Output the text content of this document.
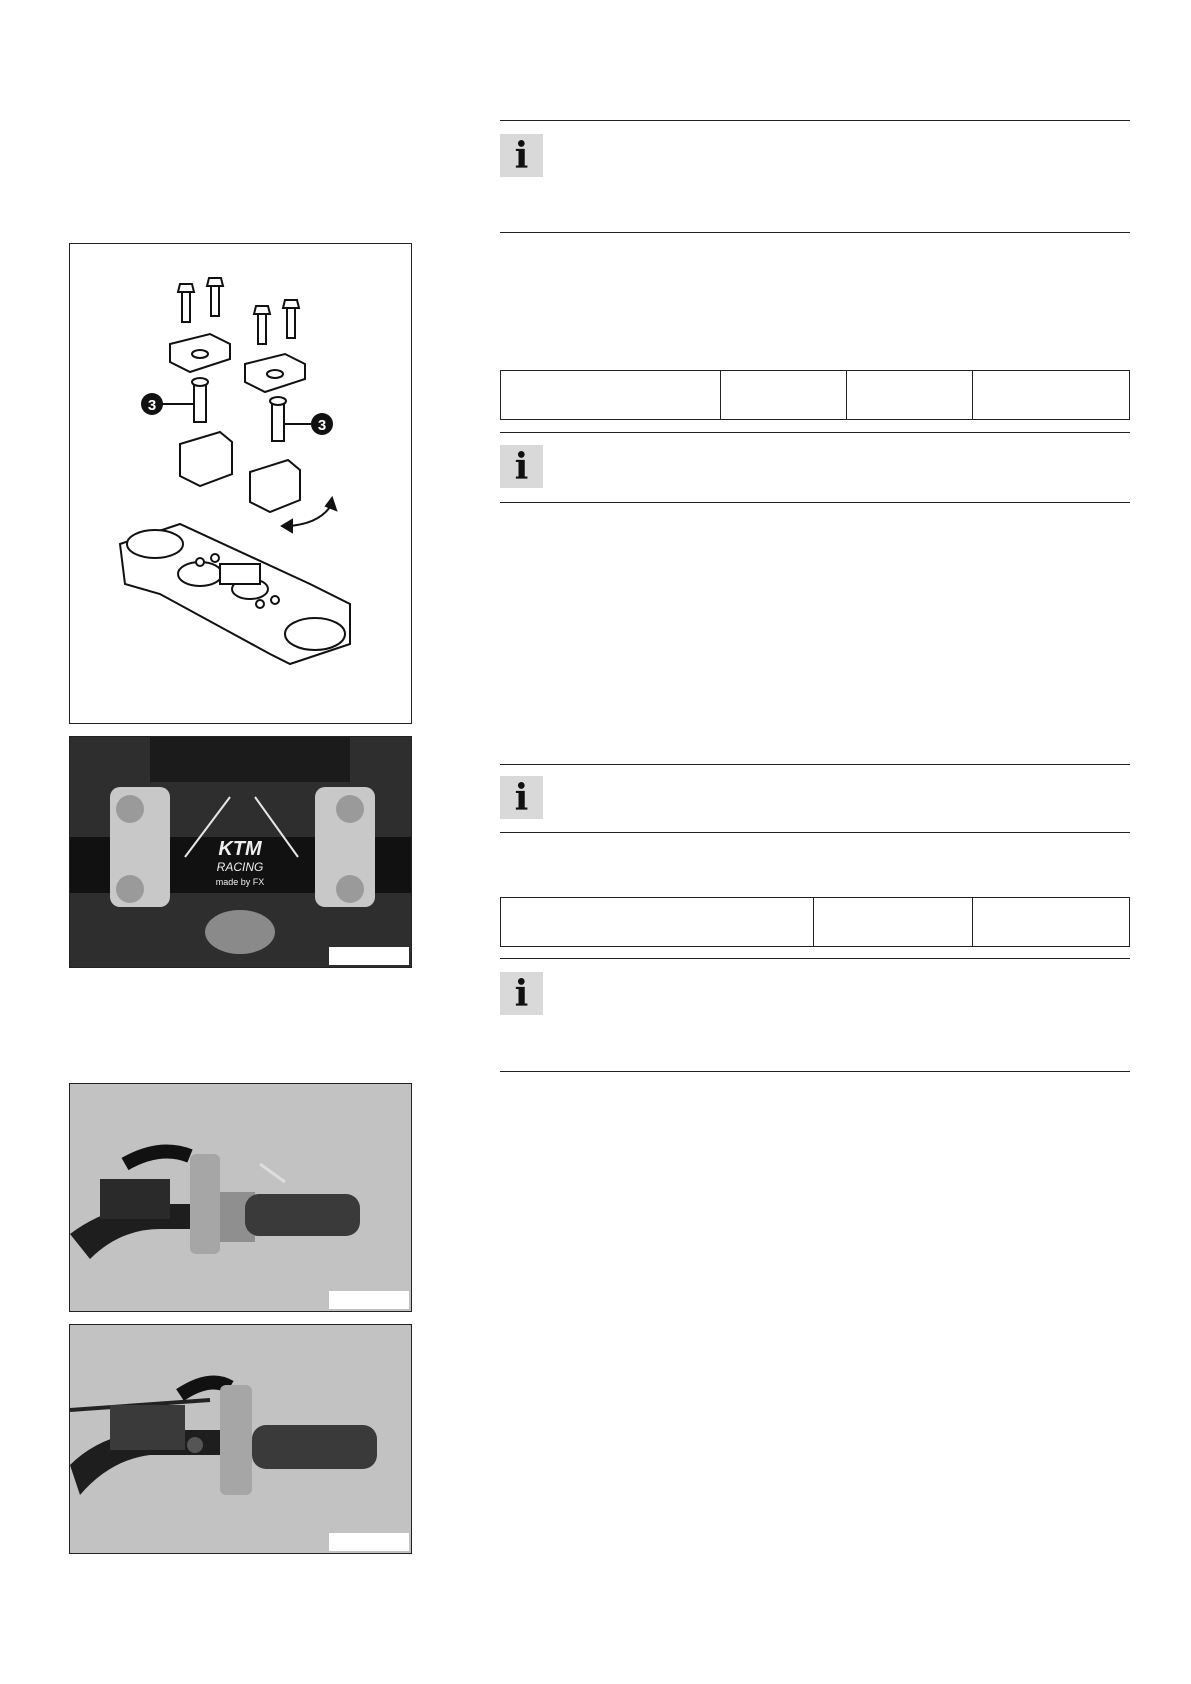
i
i
i
i
3
3
KTM
RACING
made by FX
